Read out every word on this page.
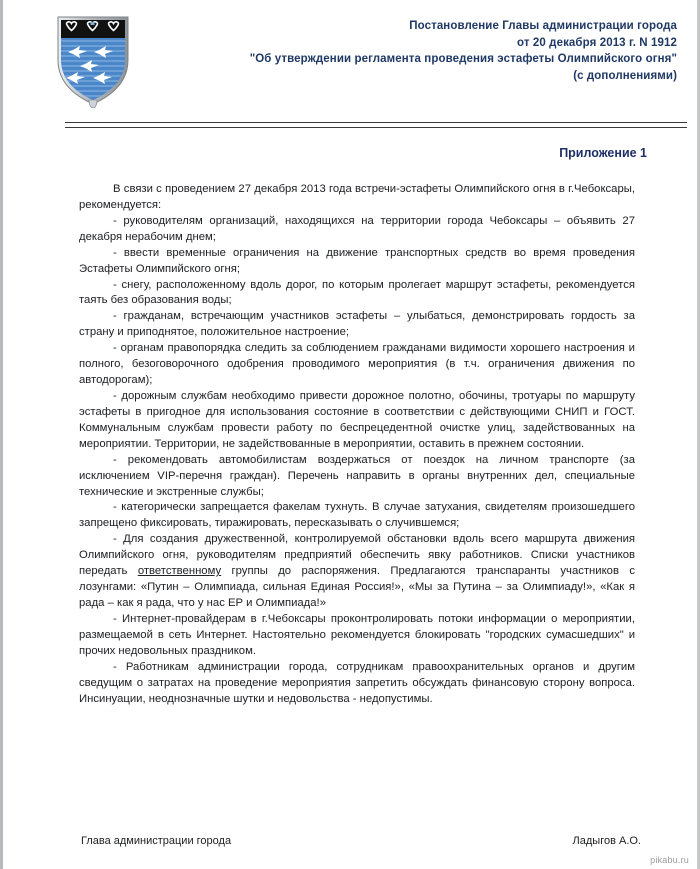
Постановление Главы администрации города
от 20 декабря 2013 г. N 1912
"Об утверждении регламента проведения эстафеты Олимпийского огня"
(с дополнениями)
Приложение 1

В связи с проведением 27 декабря 2013 года встречи-эстафеты Олимпийского огня в г.Чебоксары, рекомендуется:

- руководителям организаций, находящихся на территории города Чебоксары – объявить 27 декабря нерабочим днем;

- ввести временные ограничения на движение транспортных средств во время проведения Эстафеты Олимпийского огня;

- снегу, расположенному вдоль дорог, по которым пролегает маршрут эстафеты, рекомендуется таять без образования воды;

- гражданам, встречающим участников эстафеты – улыбаться, демонстрировать гордость за страну и приподнятое, положительное настроение;

- органам правопорядка следить за соблюдением гражданами видимости хорошего настроения и полного, безоговорочного одобрения проводимого мероприятия (в т.ч. ограничения движения по автодорогам);

- дорожным службам необходимо привести дорожное полотно, обочины, тротуары по маршруту эстафеты в пригодное для использования состояние в соответствии с действующими СНИП и ГОСТ. Коммунальным службам провести работу по беспрецедентной очистке улиц, задействованных на мероприятии. Территории, не задействованные в мероприятии, оставить в прежнем состоянии.

- рекомендовать автомобилистам воздержаться от поездок на личном транспорте (за исключением VIP-перечня граждан). Перечень направить в органы внутренних дел, специальные технические и экстренные службы;

- категорически запрещается факелам тухнуть. В случае затухания, свидетелям произошедшего запрещено фиксировать, тиражировать, пересказывать о случившемся;

- Для создания дружественной, контролируемой обстановки вдоль всего маршрута движения Олимпийского огня, руководителям предприятий обеспечить явку работников. Списки участников передать ответственному группы до распоряжения. Предлагаются транспаранты участников с лозунгами: «Путин – Олимпиада, сильная Единая Россия!», «Мы за Путина – за Олимпиаду!», «Как я рада – как я рада, что у нас ЕР и Олимпиада!»

- Интернет-провайдерам в г.Чебоксары проконтролировать потоки информации о мероприятии, размещаемой в сеть Интернет. Настоятельно рекомендуется блокировать "городских сумасшедших" и прочих недовольных праздником.

- Работникам администрации города, сотрудникам правоохранительных органов и другим сведущим о затратах на проведение мероприятия запретить обсуждать финансовую сторону вопроса. Инсинуации, неоднозначные шутки и недовольства - недопустимы.

Глава администрации города	Ладыгов А.О.
pikabu.ru
